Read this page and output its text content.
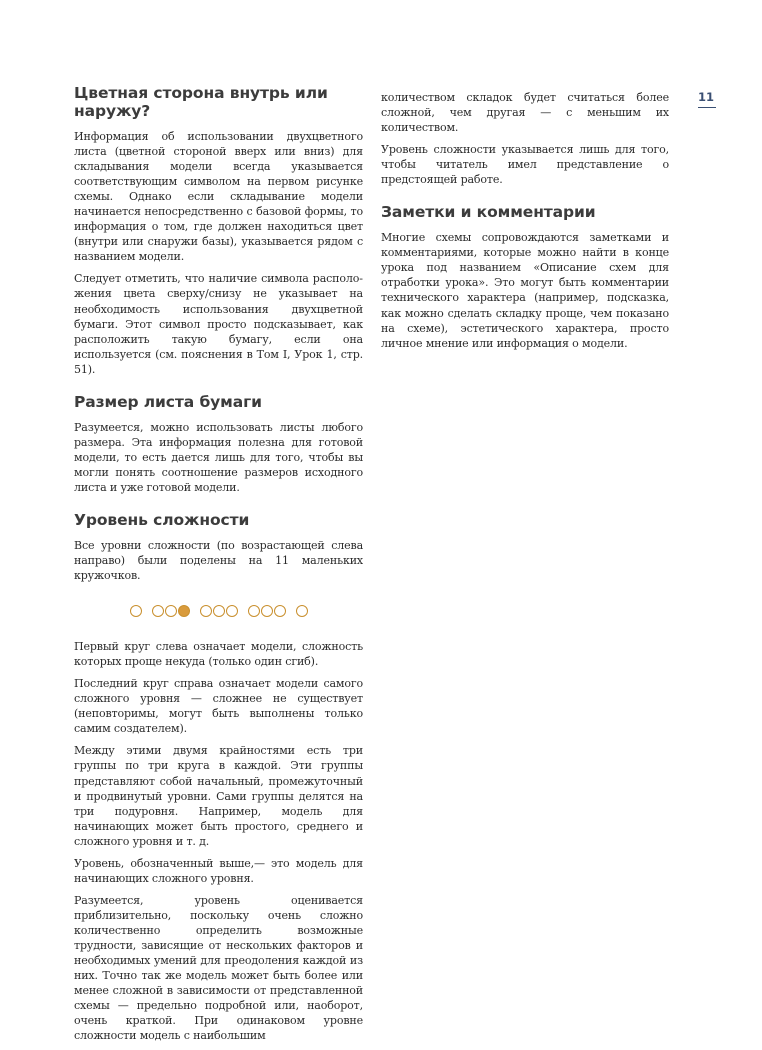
11
Цветная сторона внутрь или наружу?

Информация об использовании двухцветного листа (цветной стороной вверх или вниз) для складывания модели всегда указывается соответствующим символом на первом рисунке схемы. Однако если складывание модели начинается непосредственно с базовой формы, то информация о том, где должен находиться цвет (внутри или снаружи базы), указывается рядом с названием модели.

Следует отметить, что наличие символа расположения цвета сверху/снизу не указывает на необходимость использования двухцветной бумаги. Этот символ просто подсказывает, как расположить такую бумагу, если она используется (см. пояснения в Том I, Урок 1, стр. 51).

Размер листа бумаги

Разумеется, можно использовать листы любого размера. Эта информация полезна для готовой модели, то есть дается лишь для того, чтобы вы могли понять соотношение размеров исходного листа и уже готовой модели.

Уровень сложности

Все уровни сложности (по возрастающей слева направо) были поделены на 11 маленьких кружочков.

Первый круг слева означает модели, сложность которых проще некуда (только один сгиб).

Последний круг справа означает модели самого сложного уровня — сложнее не существует (неповторимы, могут быть выполнены только самим создателем).

Между этими двумя крайностями есть три группы по три круга в каждой. Эти группы представляют собой начальный, промежуточный и продвинутый уровни. Сами группы делятся на три подуровня. Например, модель для начинающих может быть простого, среднего и сложного уровня и т. д.

Уровень, обозначенный выше,— это модель для начинающих сложного уровня.

Разумеется, уровень оценивается приблизительно, поскольку очень сложно количественно определить возможные трудности, зависящие от нескольких факторов и необходимых умений для преодоления каждой из них. Точно так же модель может быть более или менее сложной в зависимости от представленной схемы — предельно подробной или, наоборот, очень краткой. При одинаковом уровне сложности модель с наибольшим

количеством складок будет считаться более сложной, чем другая — с меньшим их количеством.

Уровень сложности указывается лишь для того, чтобы читатель имел представление о предстоящей работе.

Заметки и комментарии

Многие схемы сопровождаются заметками и комментариями, которые можно найти в конце урока под названием «Описание схем для отработки урока». Это могут быть комментарии технического характера (например, подсказка, как можно сделать складку проще, чем показано на схеме), эстетического характера, просто личное мнение или информация о модели.
